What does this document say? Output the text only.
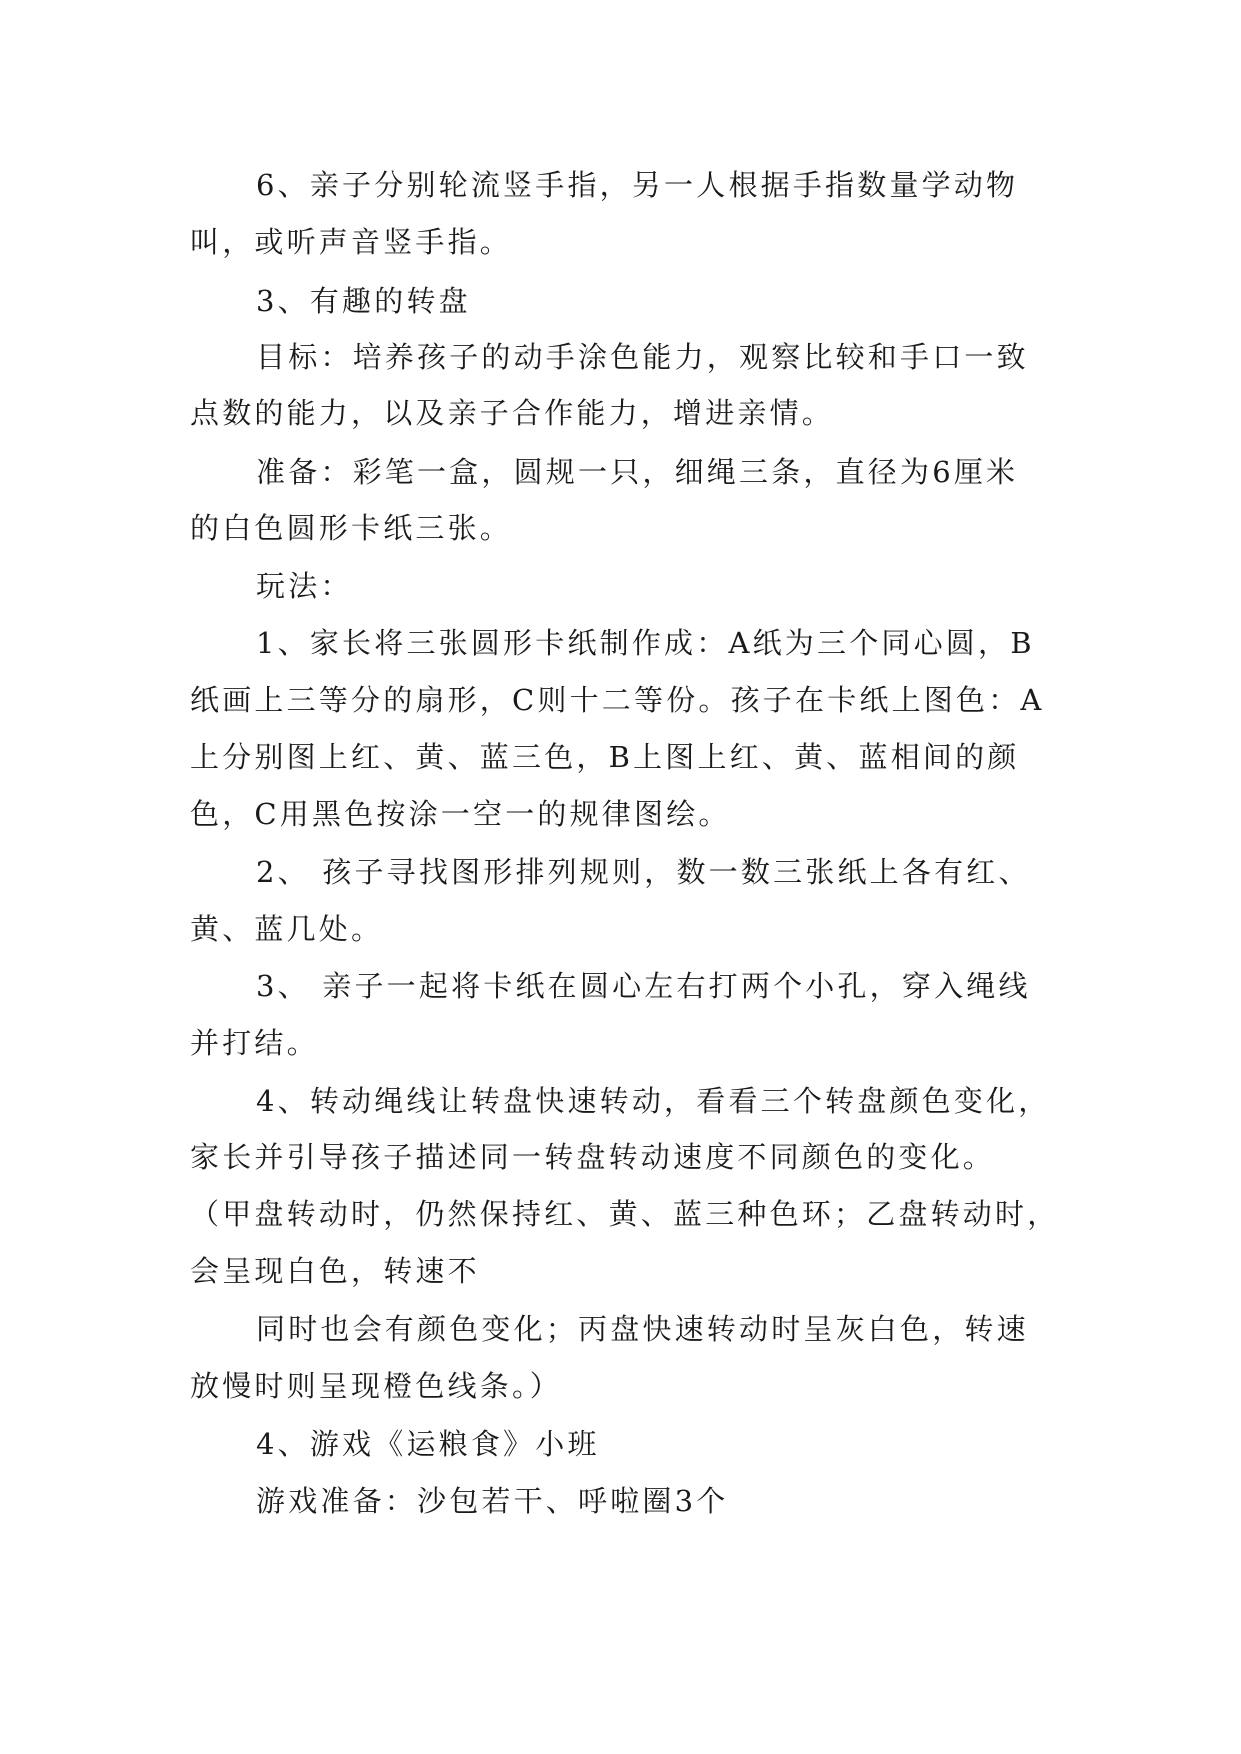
6、亲子分别轮流竖手指，另一人根据手指数量学动物
叫，或听声音竖手指。
3、有趣的转盘
目标：培养孩子的动手涂色能力，观察比较和手口一致
点数的能力，以及亲子合作能力，增进亲情。
准备：彩笔一盒，圆规一只，细绳三条，直径为6厘米
的白色圆形卡纸三张。
玩法：
1、家长将三张圆形卡纸制作成：A纸为三个同心圆，B
纸画上三等分的扇形，C则十二等份。孩子在卡纸上图色：A
上分别图上红、黄、蓝三色，B上图上红、黄、蓝相间的颜
色，C用黑色按涂一空一的规律图绘。
2、 孩子寻找图形排列规则，数一数三张纸上各有红、
黄、蓝几处。
3、 亲子一起将卡纸在圆心左右打两个小孔，穿入绳线
并打结。
4、转动绳线让转盘快速转动，看看三个转盘颜色变化，
家长并引导孩子描述同一转盘转动速度不同颜色的变化。
（甲盘转动时，仍然保持红、黄、蓝三种色环；乙盘转动时，
会呈现白色，转速不
同时也会有颜色变化；丙盘快速转动时呈灰白色，转速
放慢时则呈现橙色线条。）
4、游戏《运粮食》小班
游戏准备：沙包若干、呼啦圈3个
